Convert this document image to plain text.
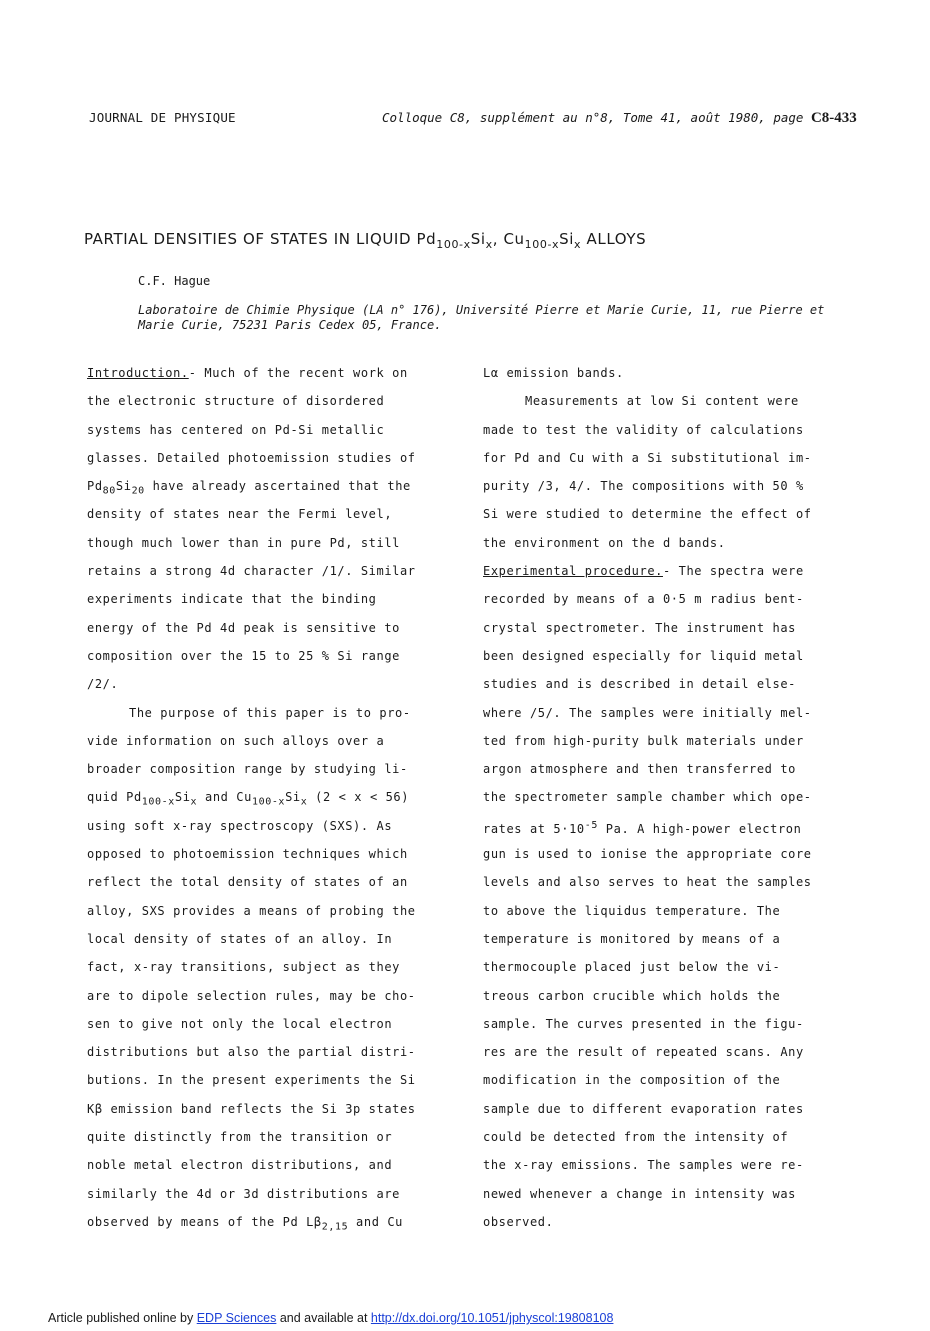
JOURNAL DE PHYSIQUE	Colloque C8, supplément au n°8, Tome 41, août 1980, page C8-433
PARTIAL DENSITIES OF STATES IN LIQUID $Pd_{100-x}Si_x$, $Cu_{100-x}Si_x$ ALLOYS
C.F. Hague
Laboratoire de Chimie Physique (LA n° 176), Université Pierre et Marie Curie, 11, rue Pierre et Marie Curie, 75231 Paris Cedex 05, France.
Introduction.- Much of the recent work on
the electronic structure of disordered
systems has centered on Pd-Si metallic
glasses. Detailed photoemission studies of
$Pd_{80}Si_{20}$ have already ascertained that the
density of states near the Fermi level,
though much lower than in pure Pd, still
retains a strong 4d character /1/. Similar
experiments indicate that the binding
energy of the Pd 4d peak is sensitive to
composition over the 15 to 25 % Si range
/2/.
The purpose of this paper is to pro-
vide information on such alloys over a
broader composition range by studying li-
quid $Pd_{100-x}Si_x$ and $Cu_{100-x}Si_x$ (2 < x < 56)
using soft x-ray spectroscopy (SXS). As
opposed to photoemission techniques which
reflect the total density of states of an
alloy, SXS provides a means of probing the
local density of states of an alloy. In
fact, x-ray transitions, subject as they
are to dipole selection rules, may be cho-
sen to give not only the local electron
distributions but also the partial distri-
butions. In the present experiments the Si
Kβ emission band reflects the Si 3p states
quite distinctly from the transition or
noble metal electron distributions, and
similarly the 4d or 3d distributions are
observed by means of the Pd $L\beta_{2,15}$ and Cu
Lα emission bands.
Measurements at low Si content were
made to test the validity of calculations
for Pd and Cu with a Si substitutional im-
purity /3, 4/. The compositions with 50 %
Si were studied to determine the effect of
the environment on the d bands.
Experimental procedure.- The spectra were
recorded by means of a 0·5 m radius bent-
crystal spectrometer. The instrument has
been designed especially for liquid metal
studies and is described in detail else-
where /5/. The samples were initially mel-
ted from high-purity bulk materials under
argon atmosphere and then transferred to
the spectrometer sample chamber which ope-
rates at $5\cdot 10^{-5}$ Pa. A high-power electron
gun is used to ionise the appropriate core
levels and also serves to heat the samples
to above the liquidus temperature. The
temperature is monitored by means of a
thermocouple placed just below the vi-
treous carbon crucible which holds the
sample. The curves presented in the figu-
res are the result of repeated scans. Any
modification in the composition of the
sample due to different evaporation rates
could be detected from the intensity of
the x-ray emissions. The samples were re-
newed whenever a change in intensity was
observed.
Article published online by EDP Sciences and available at http://dx.doi.org/10.1051/jphyscol:19808108
